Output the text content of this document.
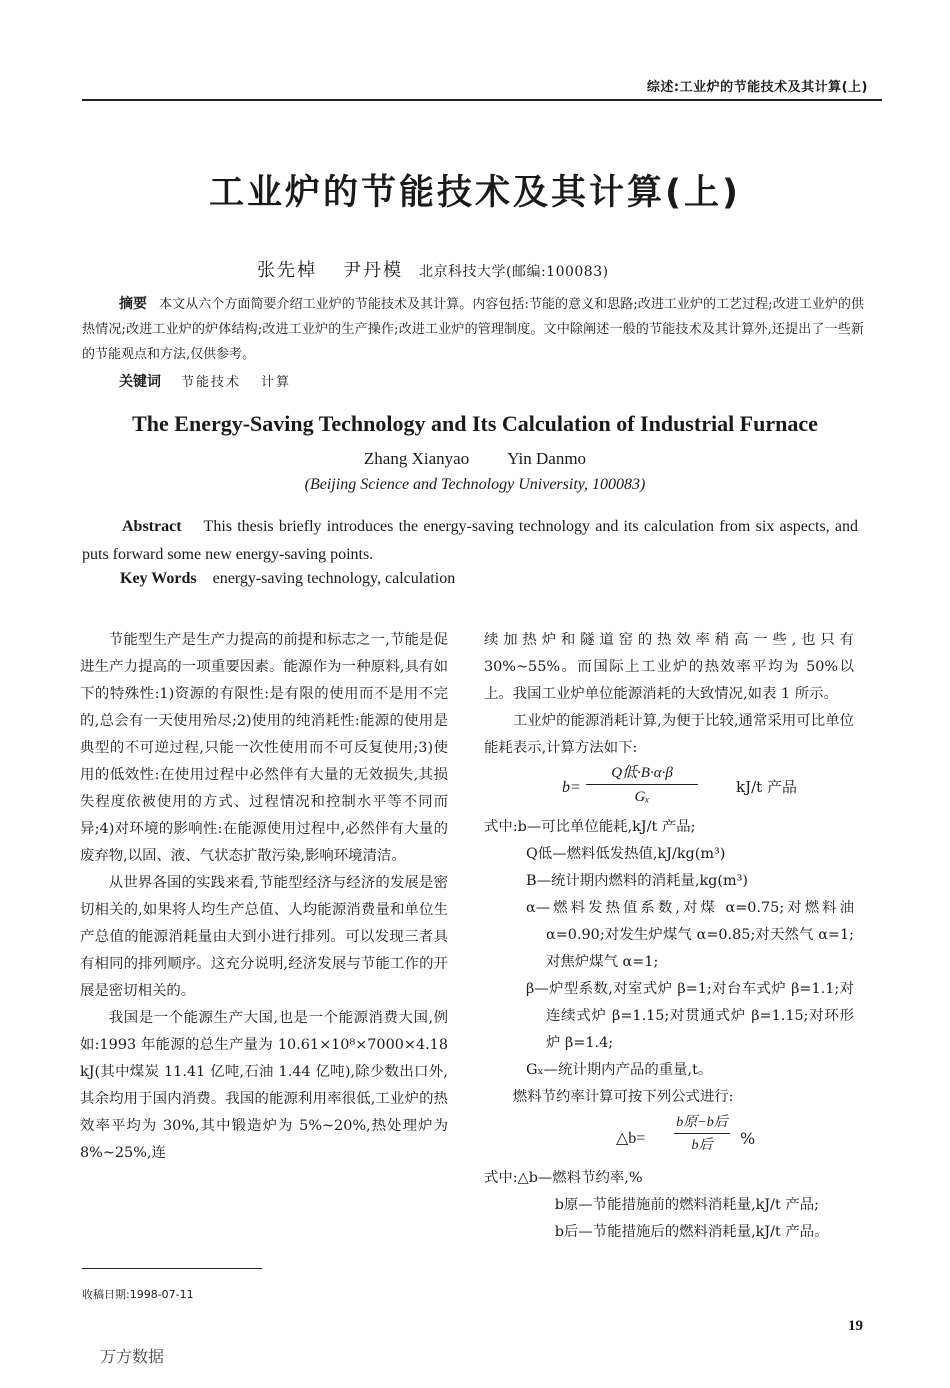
综述:工业炉的节能技术及其计算(上)
工业炉的节能技术及其计算(上)
张先棹 尹丹模 北京科技大学(邮编:100083)
摘要 本文从六个方面简要介绍工业炉的节能技术及其计算。内容包括:节能的意义和思路;改进工业炉的工艺过程;改进工业炉的供热情况;改进工业炉的炉体结构;改进工业炉的生产操作;改进工业炉的管理制度。文中除阐述一般的节能技术及其计算外,还提出了一些新的节能观点和方法,仅供参考。
关键词 节能技术 计算
The Energy-Saving Technology and Its Calculation of Industrial Furnace
Zhang Xianyao Yin Danmo
(Beijing Science and Technology University, 100083)
Abstract This thesis briefly introduces the energy-saving technology and its calculation from six aspects, and puts forward some new energy-saving points.
Key Words energy-saving technology, calculation

节能型生产是生产力提高的前提和标志之一,节能是促进生产力提高的一项重要因素。能源作为一种原料,具有如下的特殊性:1)资源的有限性:是有限的使用而不是用不完的,总会有一天使用殆尽;2)使用的纯消耗性:能源的使用是典型的不可逆过程,只能一次性使用而不可反复使用;3)使用的低效性:在使用过程中必然伴有大量的无效损失,其损失程度依被使用的方式、过程情况和控制水平等不同而异;4)对环境的影响性:在能源使用过程中,必然伴有大量的废弃物,以固、液、气状态扩散污染,影响环境清洁。

从世界各国的实践来看,节能型经济与经济的发展是密切相关的,如果将人均生产总值、人均能源消费量和单位生产总值的能源消耗量由大到小进行排列。可以发现三者具有相同的排列顺序。这充分说明,经济发展与节能工作的开展是密切相关的。

我国是一个能源生产大国,也是一个能源消费大国,例如:1993 年能源的总生产量为 10.61×10⁸×7000×4.18 kJ(其中煤炭 11.41 亿吨,石油 1.44 亿吨),除少数出口外,其余均用于国内消费。我国的能源利用率很低,工业炉的热效率平均为 30%,其中锻造炉为 5%~20%,热处理炉为 8%~25%,连

续加热炉和隧道窑的热效率稍高一些,也只有 30%~55%。而国际上工业炉的热效率平均为 50%以上。我国工业炉单位能源消耗的大致情况,如表 1 所示。

工业炉的能源消耗计算,为便于比较,通常采用可比单位能耗表示,计算方法如下:

b=
Q低·B·α·β
Gₓ
kJ/t 产品

式中:b—可比单位能耗,kJ/t 产品;

Q低—燃料低发热值,kJ/kg(m³)

B—统计期内燃料的消耗量,kg(m³)

α—燃料发热值系数,对煤 α=0.75;对燃料油 α=0.90;对发生炉煤气 α=0.85;对天然气 α=1;对焦炉煤气 α=1;

β—炉型系数,对室式炉 β=1;对台车式炉 β=1.1;对连续式炉 β=1.15;对贯通式炉 β=1.15;对环形炉 β=1.4;

Gₓ—统计期内产品的重量,t。

燃料节约率计算可按下列公式进行:

△b=
b原−b后
b后	%

式中:△b—燃料节约率,%

b原—节能措施前的燃料消耗量,kJ/t 产品;

b后—节能措施后的燃料消耗量,kJ/t 产品。

收稿日期:1998-07-11
19
万方数据
